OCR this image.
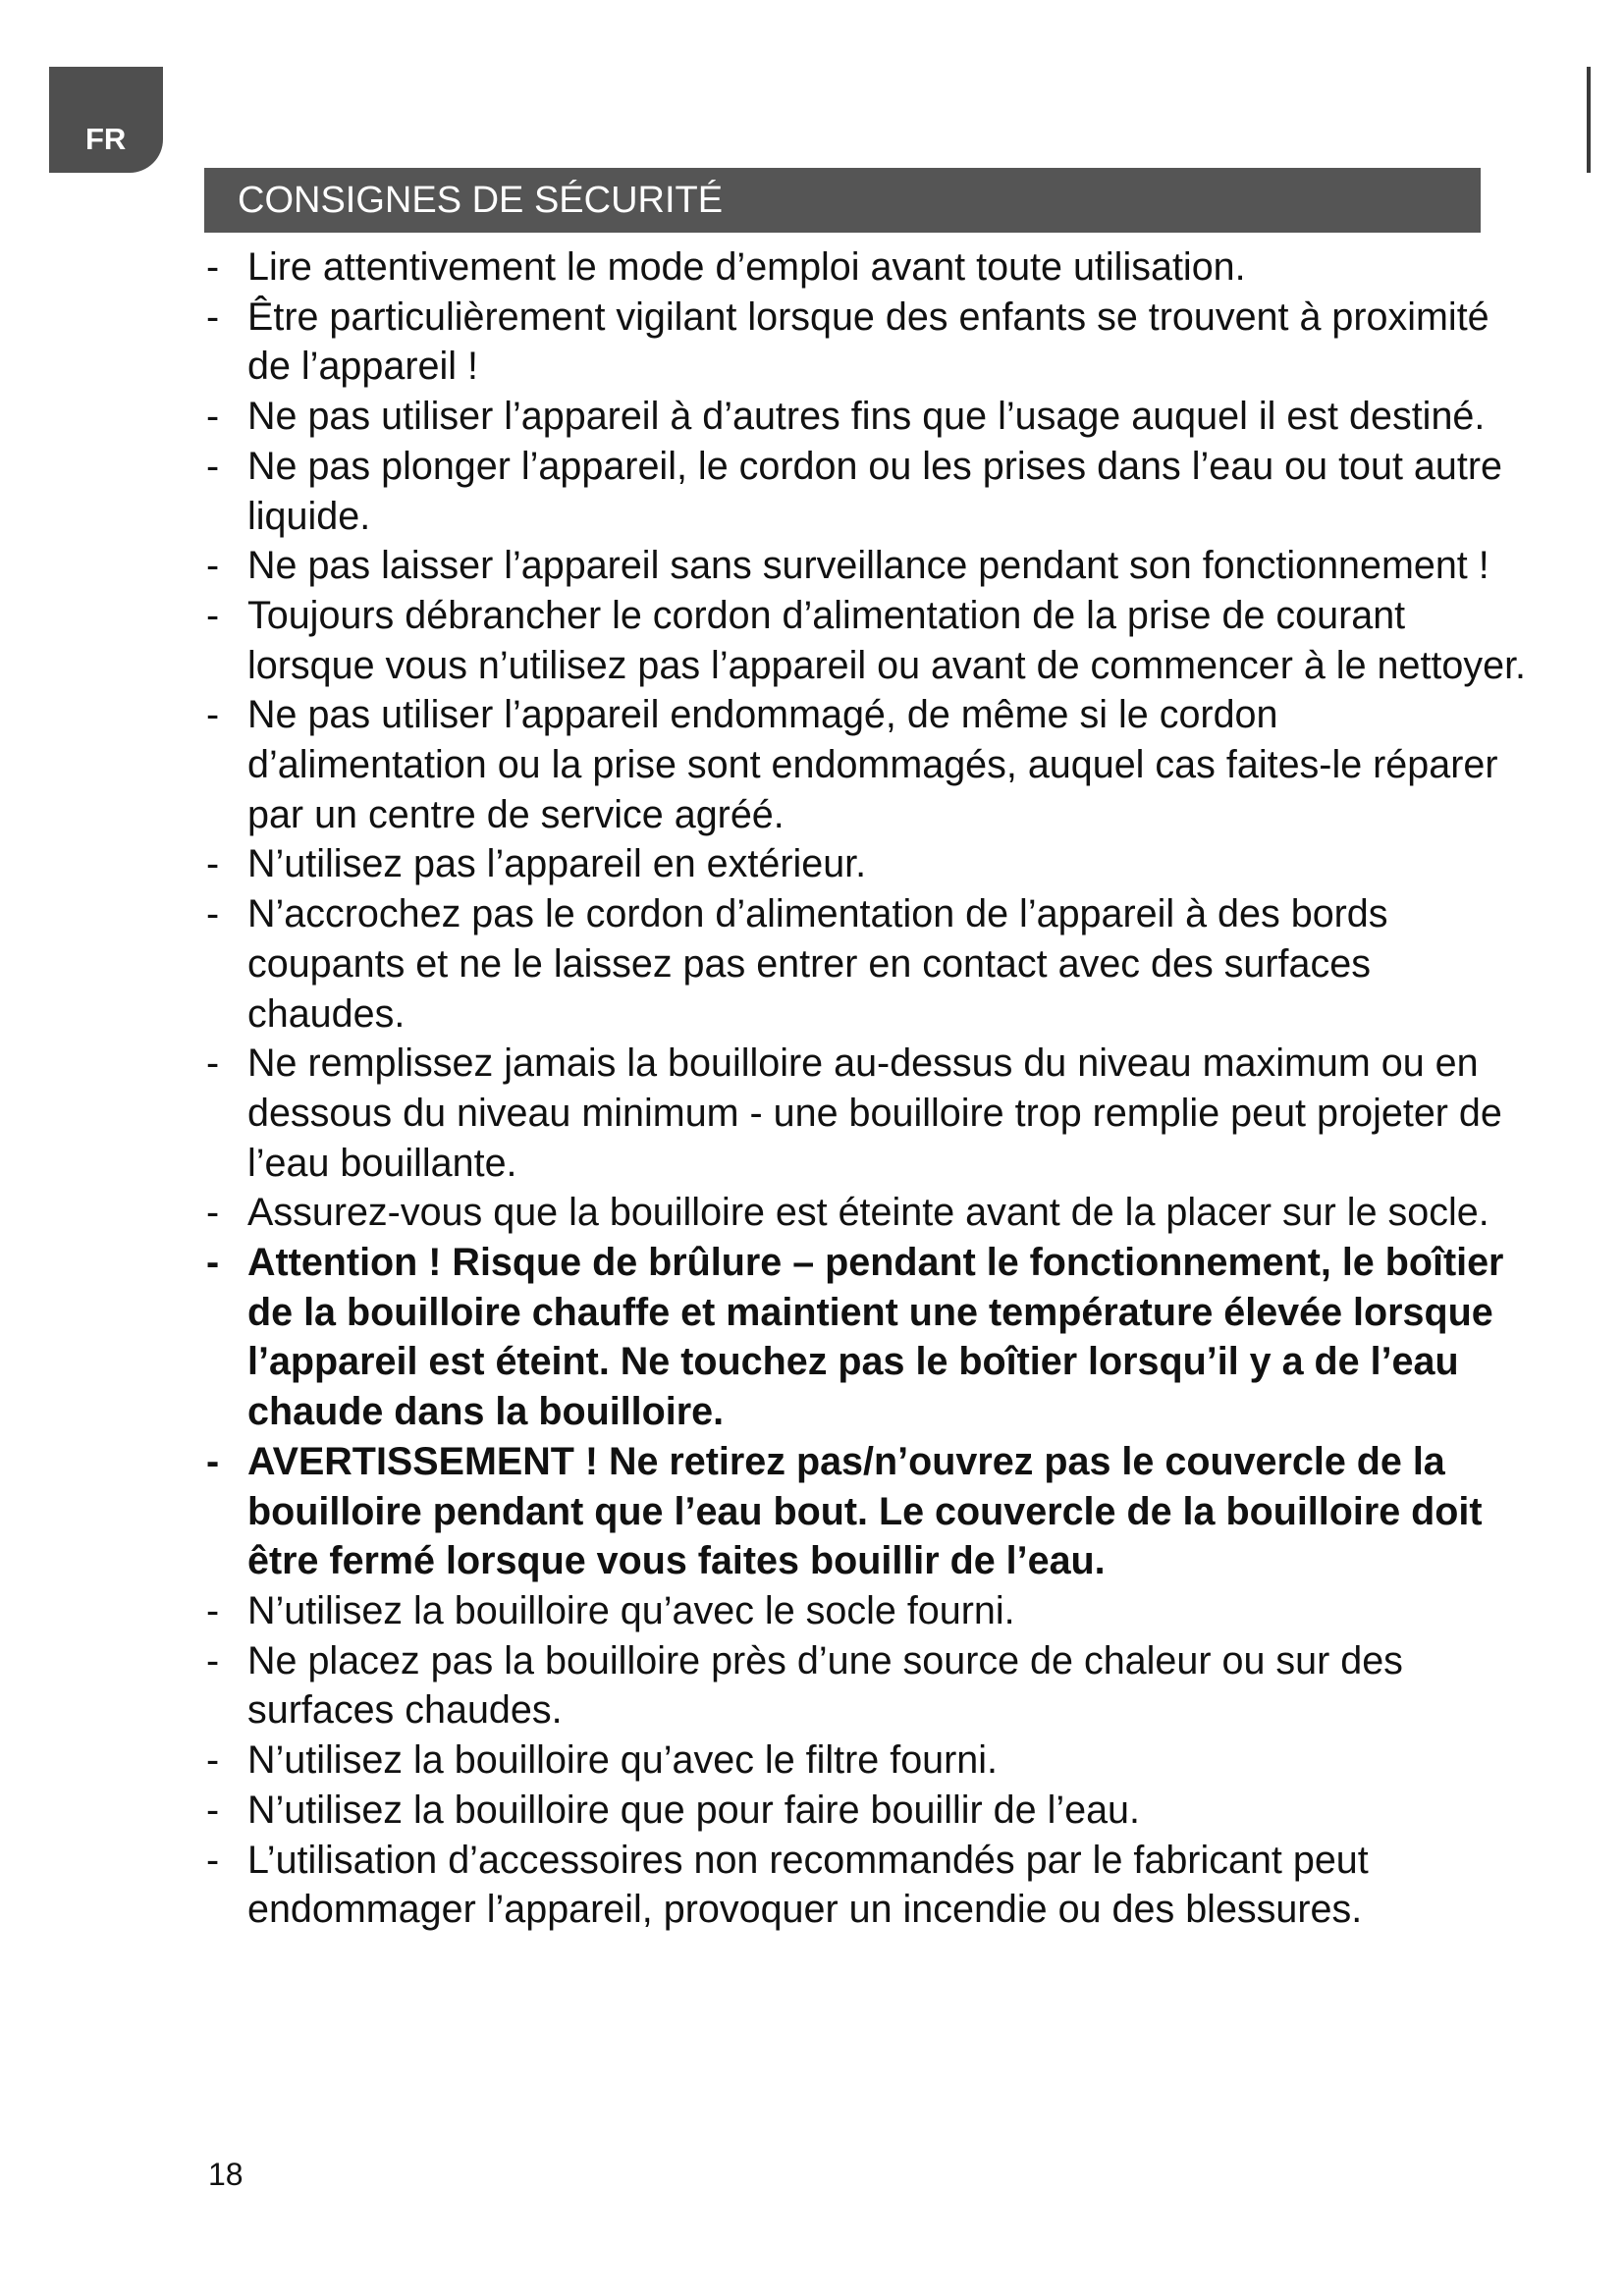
FR
CONSIGNES DE SÉCURITÉ
- Lire attentivement le mode d’emploi avant toute utilisation.
- Être particulièrement vigilant lorsque des enfants se trouvent à proximité de l’appareil !
- Ne pas utiliser l’appareil à d’autres fins que l’usage auquel il est destiné.
- Ne pas plonger l’appareil, le cordon ou les prises dans l’eau ou tout autre liquide.
- Ne pas laisser l’appareil sans surveillance pendant son fonctionnement !
- Toujours débrancher le cordon d’alimentation de la prise de courant lorsque vous n’utilisez pas l’appareil ou avant de commencer à le nettoyer.
- Ne pas utiliser l’appareil endommagé, de même si le cordon d’alimentation ou la prise sont endommagés, auquel cas faites-le réparer par un centre de service agréé.
- N’utilisez pas l’appareil en extérieur.
- N’accrochez pas le cordon d’alimentation de l’appareil à des bords coupants et ne le laissez pas entrer en contact avec des surfaces chaudes.
- Ne remplissez jamais la bouilloire au-dessus du niveau maximum ou en dessous du niveau minimum - une bouilloire trop remplie peut projeter de l’eau bouillante.
- Assurez-vous que la bouilloire est éteinte avant de la placer sur le socle.
- Attention ! Risque de brûlure – pendant le fonctionnement, le boîtier de la bouilloire chauffe et maintient une température élevée lorsque l’appareil est éteint. Ne touchez pas le boîtier lorsqu’il y a de l’eau chaude dans la bouilloire.
- AVERTISSEMENT ! Ne retirez pas/n’ouvrez pas le couvercle de la bouilloire pendant que l’eau bout. Le couvercle de la bouilloire doit être fermé lorsque vous faites bouillir de l’eau.
- N’utilisez la bouilloire qu’avec le socle fourni.
- Ne placez pas la bouilloire près d’une source de chaleur ou sur des surfaces chaudes.
- N’utilisez la bouilloire qu’avec le filtre fourni.
- N’utilisez la bouilloire que pour faire bouillir de l’eau.
- L’utilisation d’accessoires non recommandés par le fabricant peut endommager l’appareil, provoquer un incendie ou des blessures.
18
